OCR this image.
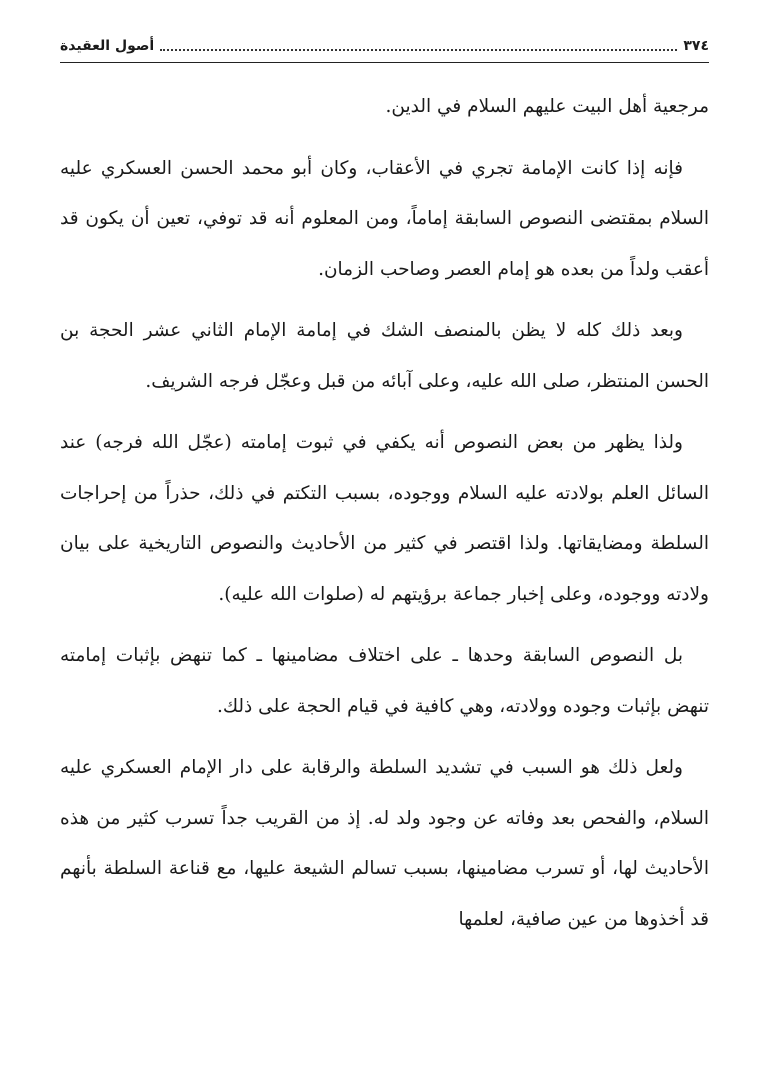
٣٧٤
أصول العقيدة

مرجعية أهل البيت عليهم السلام في الدين.

فإنه إذا كانت الإمامة تجري في الأعقاب، وكان أبو محمد الحسن العسكري عليه السلام بمقتضى النصوص السابقة إماماً، ومن المعلوم أنه قد توفي، تعين أن يكون قد أعقب ولداً من بعده هو إمام العصر وصاحب الزمان.

وبعد ذلك كله لا يظن بالمنصف الشك في إمامة الإمام الثاني عشر الحجة بن الحسن المنتظر، صلى الله عليه، وعلى آبائه من قبل وعجّل فرجه الشريف.

ولذا يظهر من بعض النصوص أنه يكفي في ثبوت إمامته (عجّل الله فرجه) عند السائل العلم بولادته عليه السلام ووجوده، بسبب التكتم في ذلك، حذراً من إحراجات السلطة ومضايقاتها. ولذا اقتصر في كثير من الأحاديث والنصوص التاريخية على بيان ولادته ووجوده، وعلى إخبار جماعة برؤيتهم له (صلوات الله عليه).

بل النصوص السابقة وحدها ـ على اختلاف مضامينها ـ كما تنهض بإثبات إمامته تنهض بإثبات وجوده وولادته، وهي كافية في قيام الحجة على ذلك.

ولعل ذلك هو السبب في تشديد السلطة والرقابة على دار الإمام العسكري عليه السلام، والفحص بعد وفاته عن وجود ولد له. إذ من القريب جداً تسرب كثير من هذه الأحاديث لها، أو تسرب مضامينها، بسبب تسالم الشيعة عليها، مع قناعة السلطة بأنهم قد أخذوها من عين صافية، لعلمها
